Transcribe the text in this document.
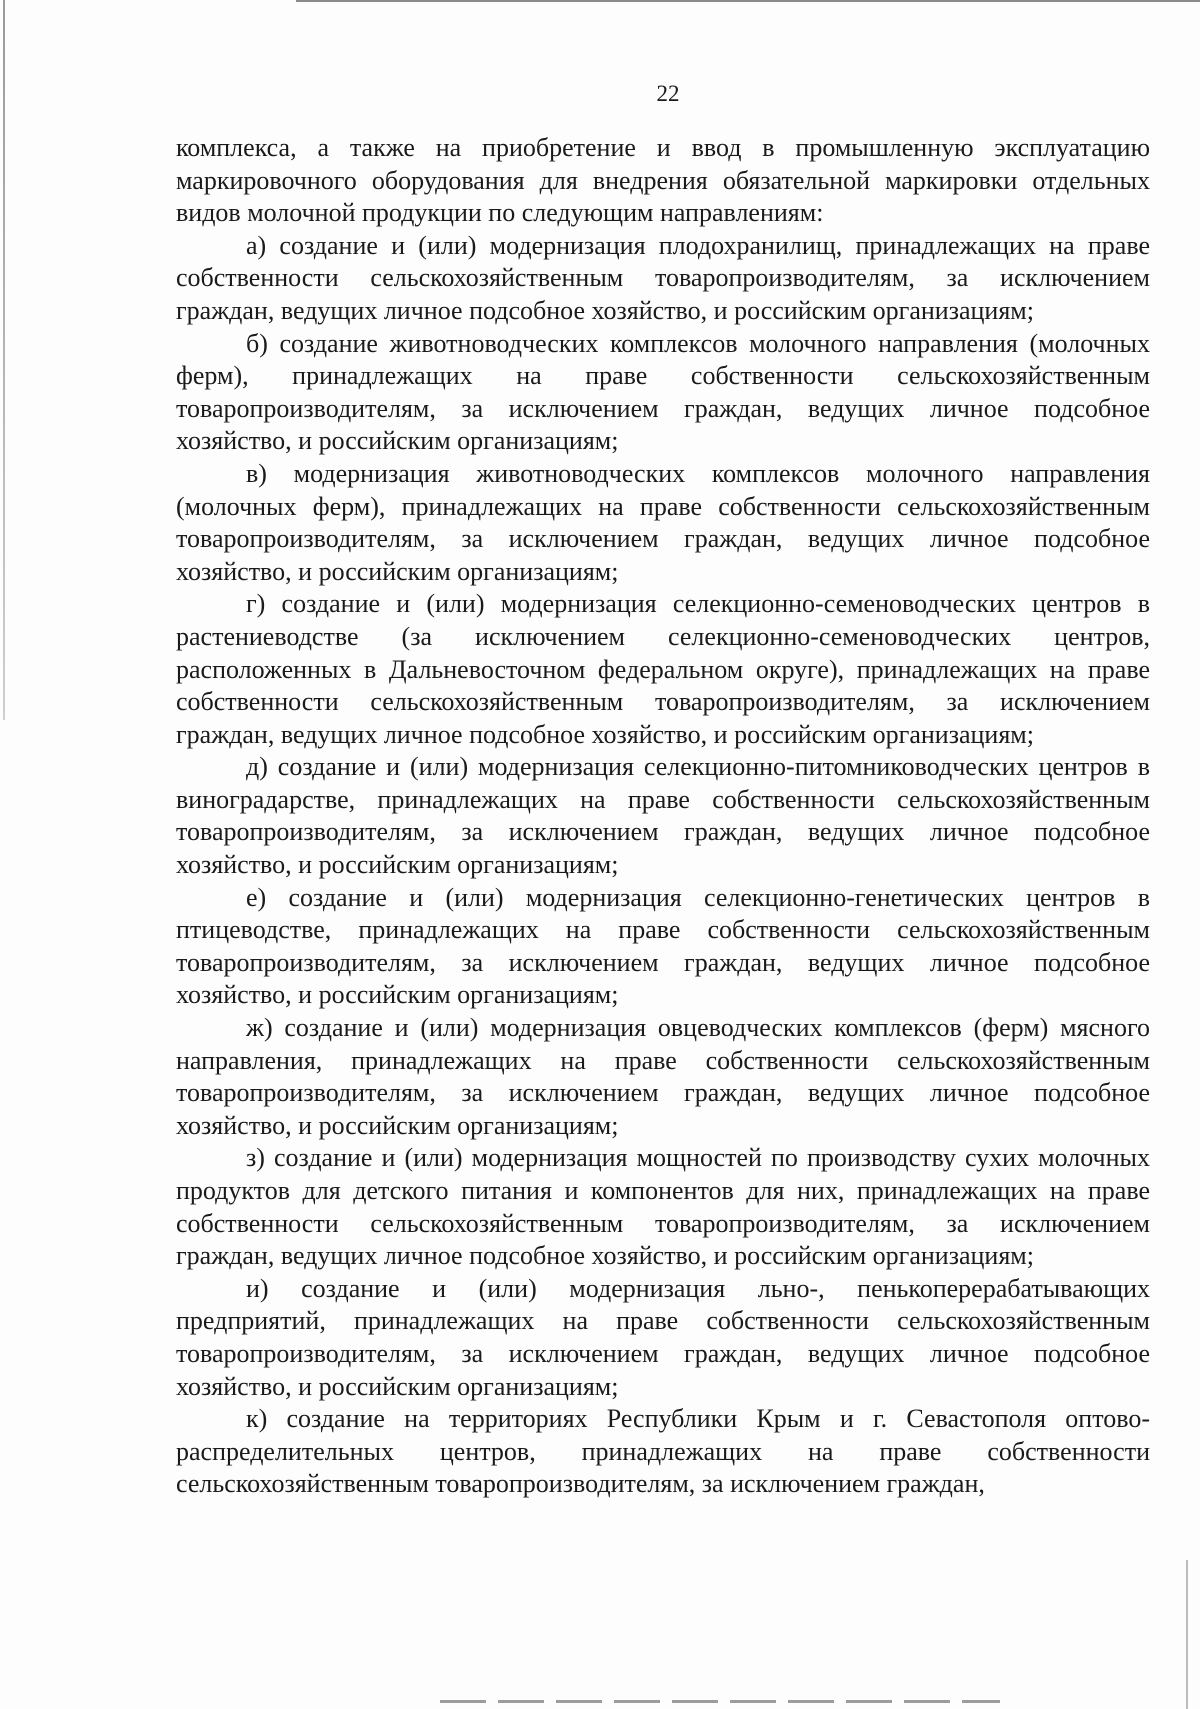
22

комплекса, а также на приобретение и ввод в промышленную эксплуатацию маркировочного оборудования для внедрения обязательной маркировки отдельных видов молочной продукции по следующим направлениям:

а) создание и (или) модернизация плодохранилищ, принадлежащих на праве собственности сельскохозяйственным товаропроизводителям, за исключением граждан, ведущих личное подсобное хозяйство, и российским организациям;

б) создание животноводческих комплексов молочного направления (молочных ферм), принадлежащих на праве собственности сельскохозяйственным товаропроизводителям, за исключением граждан, ведущих личное подсобное хозяйство, и российским организациям;

в) модернизация животноводческих комплексов молочного направления (молочных ферм), принадлежащих на праве собственности сельскохозяйственным товаропроизводителям, за исключением граждан, ведущих личное подсобное хозяйство, и российским организациям;

г) создание и (или) модернизация селекционно-семеноводческих центров в растениеводстве (за исключением селекционно-семеноводческих центров, расположенных в Дальневосточном федеральном округе), принадлежащих на праве собственности сельскохозяйственным товаропроизводителям, за исключением граждан, ведущих личное подсобное хозяйство, и российским организациям;

д) создание и (или) модернизация селекционно-питомниководческих центров в виноградарстве, принадлежащих на праве собственности сельскохозяйственным товаропроизводителям, за исключением граждан, ведущих личное подсобное хозяйство, и российским организациям;

е) создание и (или) модернизация селекционно-генетических центров в птицеводстве, принадлежащих на праве собственности сельскохозяйственным товаропроизводителям, за исключением граждан, ведущих личное подсобное хозяйство, и российским организациям;

ж) создание и (или) модернизация овцеводческих комплексов (ферм) мясного направления, принадлежащих на праве собственности сельскохозяйственным товаропроизводителям, за исключением граждан, ведущих личное подсобное хозяйство, и российским организациям;

з) создание и (или) модернизация мощностей по производству сухих молочных продуктов для детского питания и компонентов для них, принадлежащих на праве собственности сельскохозяйственным товаропроизводителям, за исключением граждан, ведущих личное подсобное хозяйство, и российским организациям;

и) создание и (или) модернизация льно-, пенькоперерабатывающих предприятий, принадлежащих на праве собственности сельскохозяйственным товаропроизводителям, за исключением граждан, ведущих личное подсобное хозяйство, и российским организациям;

к) создание на территориях Республики Крым и г. Севастополя оптово-распределительных центров, принадлежащих на праве собственности сельскохозяйственным товаропроизводителям, за исключением граждан,
